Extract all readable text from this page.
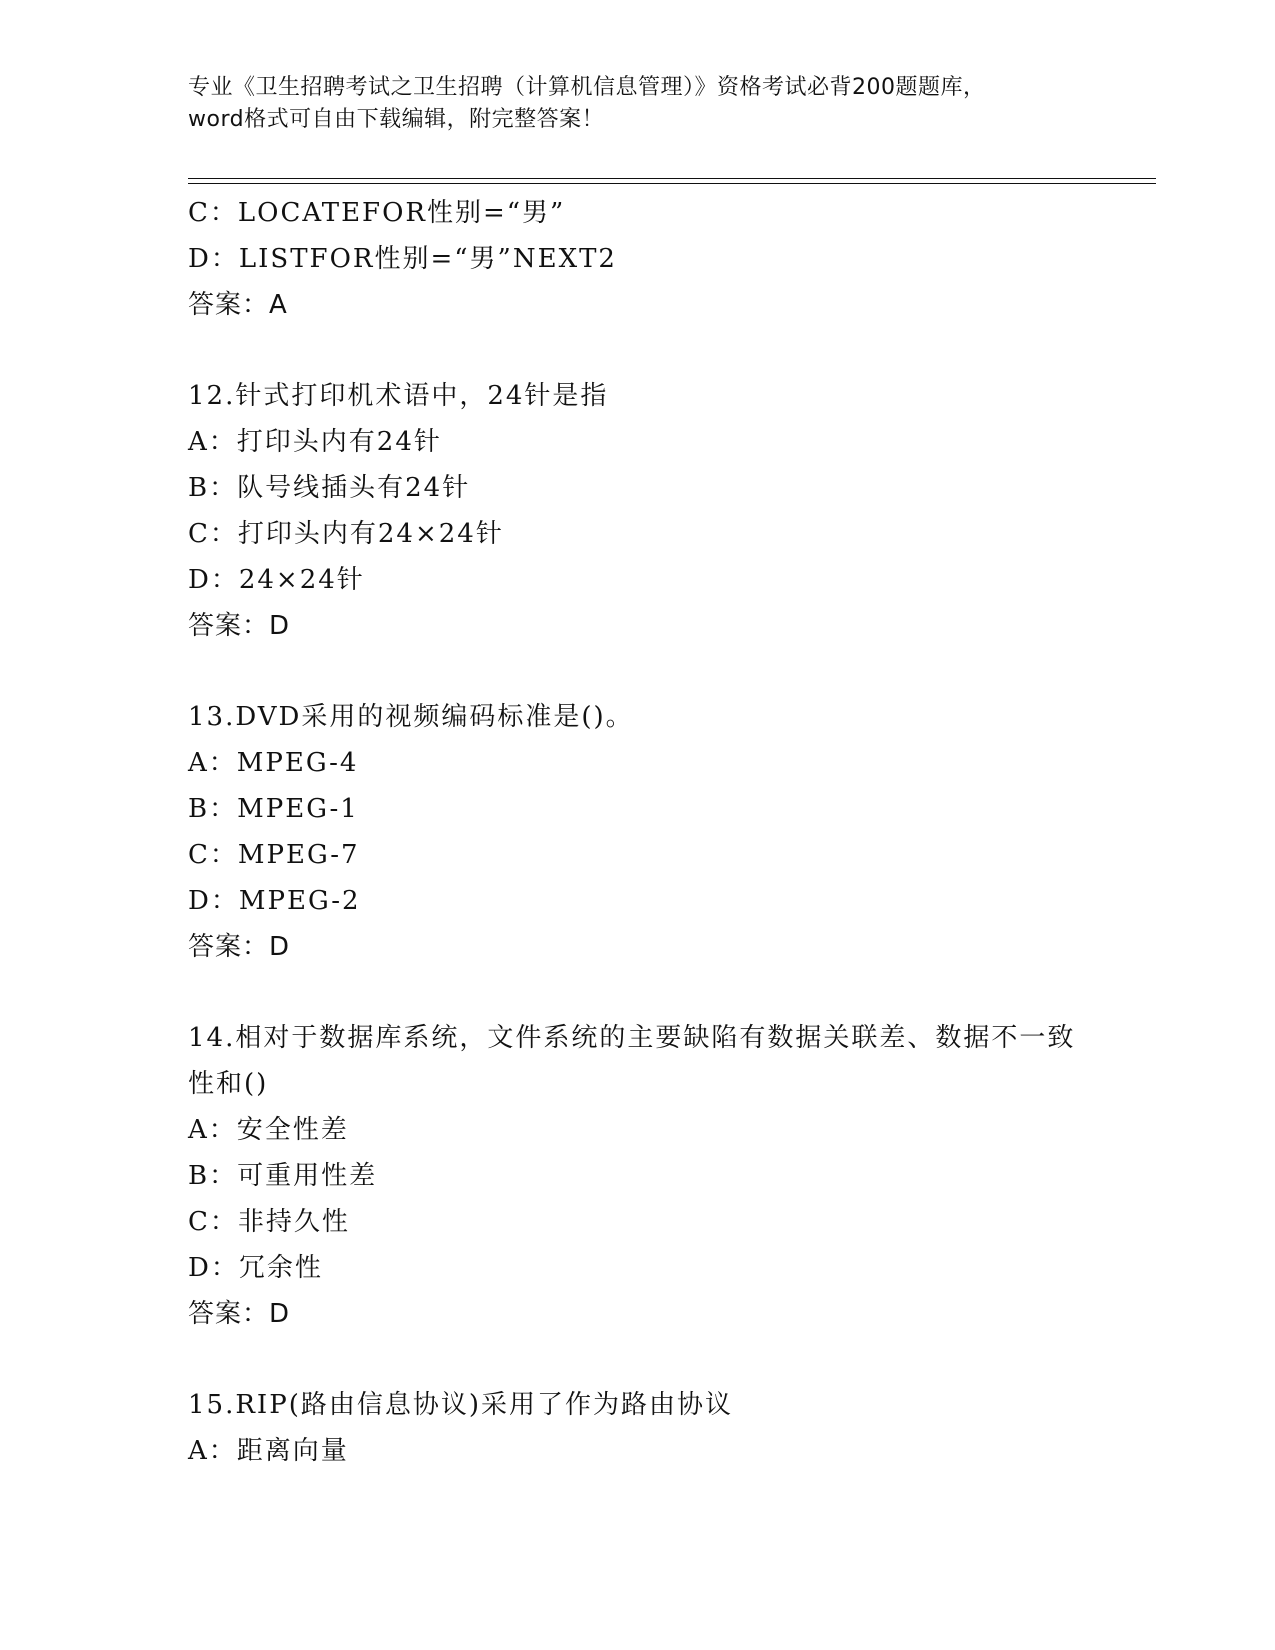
专业《卫生招聘考试之卫生招聘（计算机信息管理）》资格考试必背200题题库，
word格式可自由下载编辑，附完整答案！
C：LOCATEFOR性别=“男”
D：LISTFOR性别=“男”NEXT2
答案：A
12.针式打印机术语中，24针是指
A：打印头内有24针
B：队号线插头有24针
C：打印头内有24×24针
D：24×24针
答案：D
13.DVD采用的视频编码标准是()。
A：MPEG-4
B：MPEG-1
C：MPEG-7
D：MPEG-2
答案：D
14.相对于数据库系统，文件系统的主要缺陷有数据关联差、数据不一致性和()
A：安全性差
B：可重用性差
C：非持久性
D：冗余性
答案：D
15.RIP(路由信息协议)采用了作为路由协议
A：距离向量
